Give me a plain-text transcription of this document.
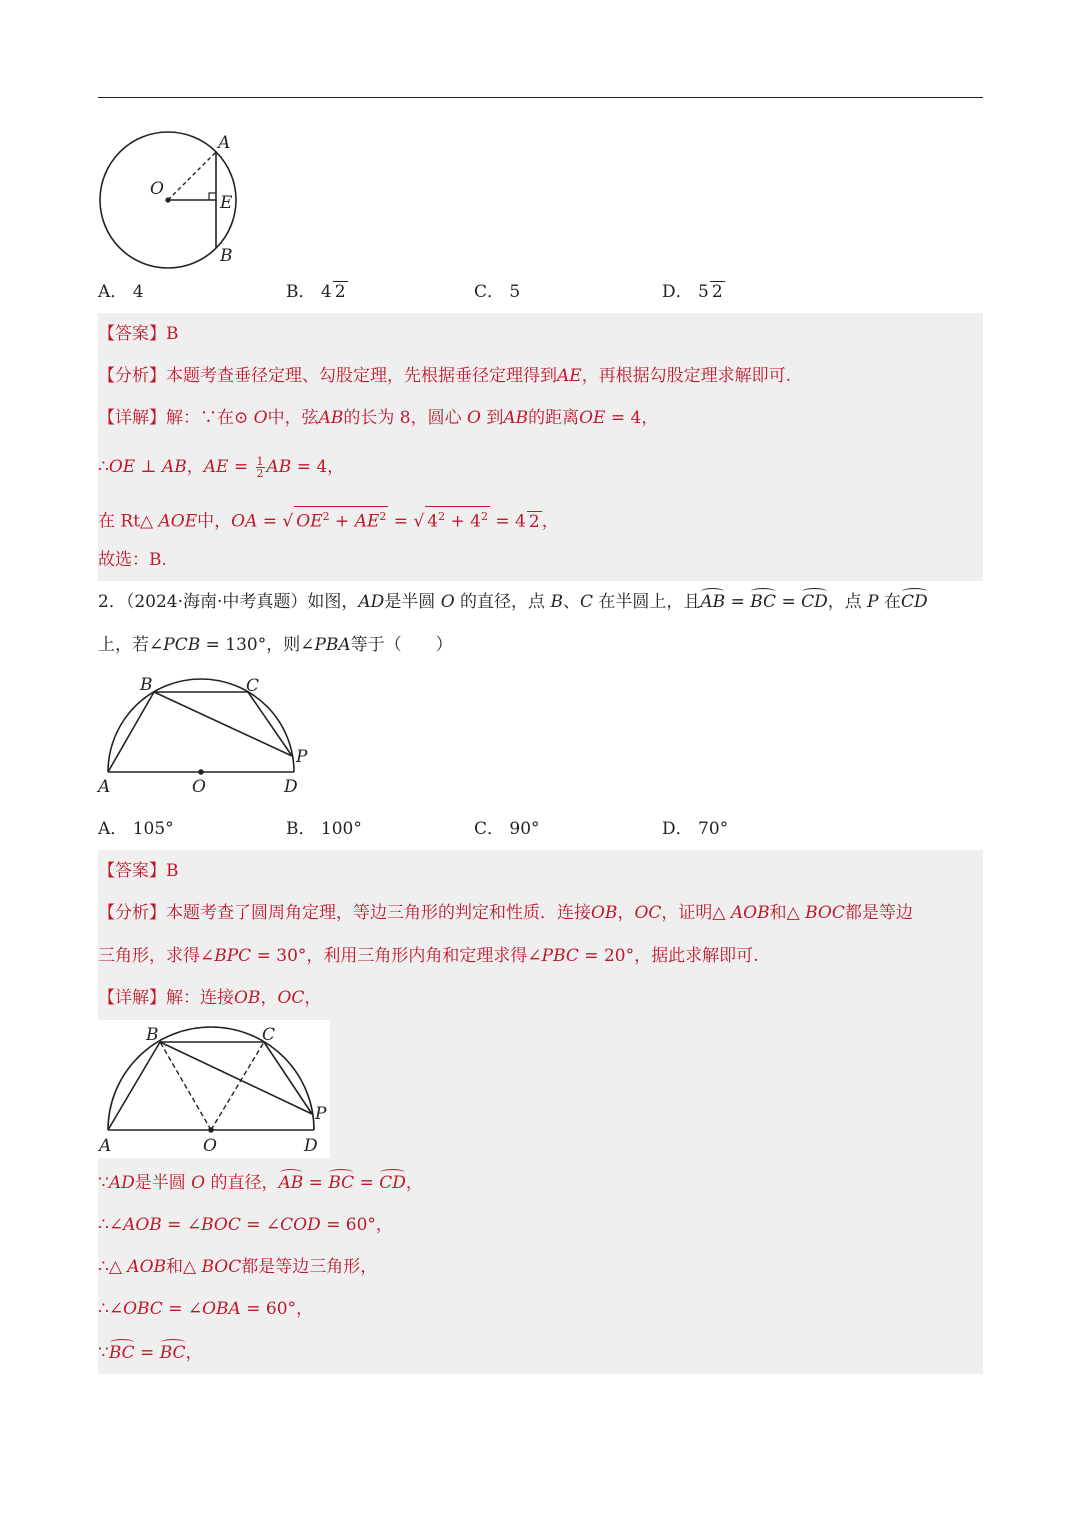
A
O
E
B
A． 4	B． 4 2	C． 5	D． 5 2
【答案】B
【分析】本题考查垂径定理、勾股定理，先根据垂径定理得到AE，再根据勾股定理求解即可.
【详解】解：∵在⊙ O中，弦AB的长为 8，圆心 O 到AB的距离OE = 4，
∴OE ⊥ AB，AE = $\frac{1}{2}$ AB = 4，
在 Rt△ AOE中，OA = √ $OE^2 + AE^2$ = √ $4^2 + 4^2 = 4$ 2 ，
故选：B.
2．（2024·海南·中考真题）如图，AD是半圆 O 的直径，点 B、C 在半圆上，且AB = BC = CD，点 P 在CD
上，若∠PCB = 130°，则∠PBA等于（　　）
B	C
P
A	O	D
A． 105°	B． 100°	C． 90°	D． 70°
【答案】B
【分析】本题考查了圆周角定理，等边三角形的判定和性质．连接OB，OC，证明△ AOB和△ BOC都是等边
三角形，求得∠BPC = 30°，利用三角形内角和定理求得∠PBC = 20°，据此求解即可.
【详解】解：连接OB，OC，
B	C
P
A	O	D
∵AD是半圆 O 的直径，AB = BC = CD，
∴∠AOB = ∠BOC = ∠COD = 60°，
∴△ AOB和△ BOC都是等边三角形，
∴∠OBC = ∠OBA = 60°，
∵BC = BC，
